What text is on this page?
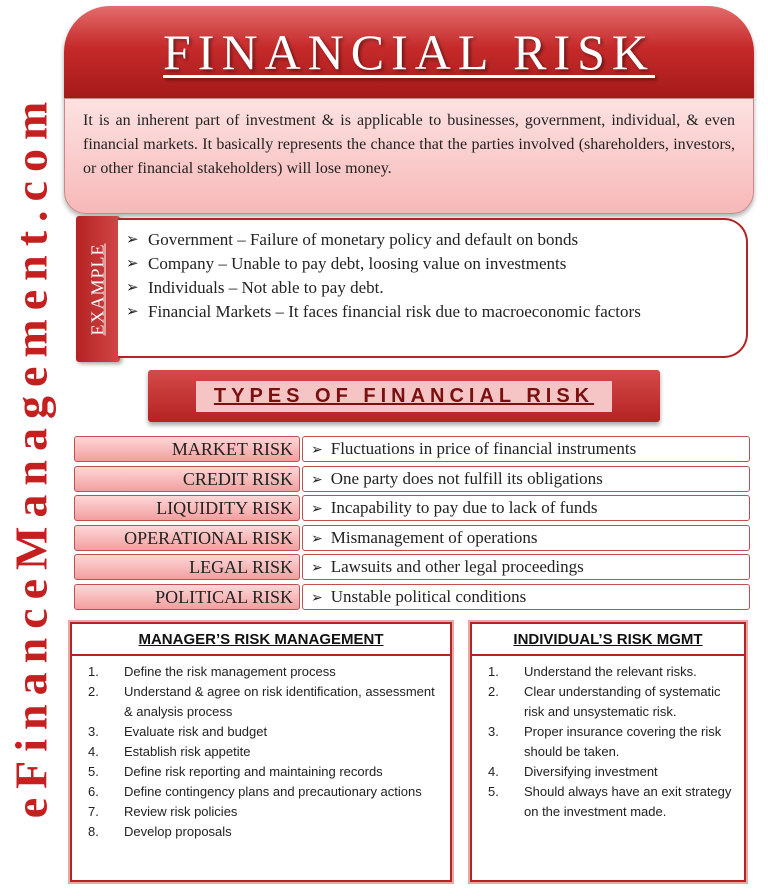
eFinanceManagement.com
FINANCIAL RISK

It is an inherent part of investment & is applicable to businesses, government, individual, & even financial markets. It basically represents the chance that the parties involved (shareholders, investors, or other financial stakeholders) will lose money.

EXAMPLE
➢ Government – Failure of monetary policy and default on bonds
➢ Company – Unable to pay debt, loosing value on investments
➢ Individuals – Not able to pay debt.
➢ Financial Markets – It faces financial risk due to macroeconomic factors
TYPES OF FINANCIAL RISK
MARKET RISK	➢ Fluctuations in price of financial instruments
CREDIT RISK	➢ One party does not fulfill its obligations
LIQUIDITY RISK	➢ Incapability to pay due to lack of funds
OPERATIONAL RISK	➢ Mismanagement of operations
LEGAL RISK	➢ Lawsuits and other legal proceedings
POLITICAL RISK	➢ Unstable political conditions
MANAGER’S RISK MANAGEMENT
1.	Define the risk management process
2.	Understand & agree on risk identification, assessment & analysis process
3.	Evaluate risk and budget
4.	Establish risk appetite
5.	Define risk reporting and maintaining records
6.	Define contingency plans and precautionary actions
7.	Review risk policies
8.	Develop proposals
INDIVIDUAL’S RISK MGMT
1.	Understand the relevant risks.
2.	Clear understanding of systematic risk and unsystematic risk.
3.	Proper insurance covering the risk should be taken.
4.	Diversifying investment
5.	Should always have an exit strategy on the investment made.
